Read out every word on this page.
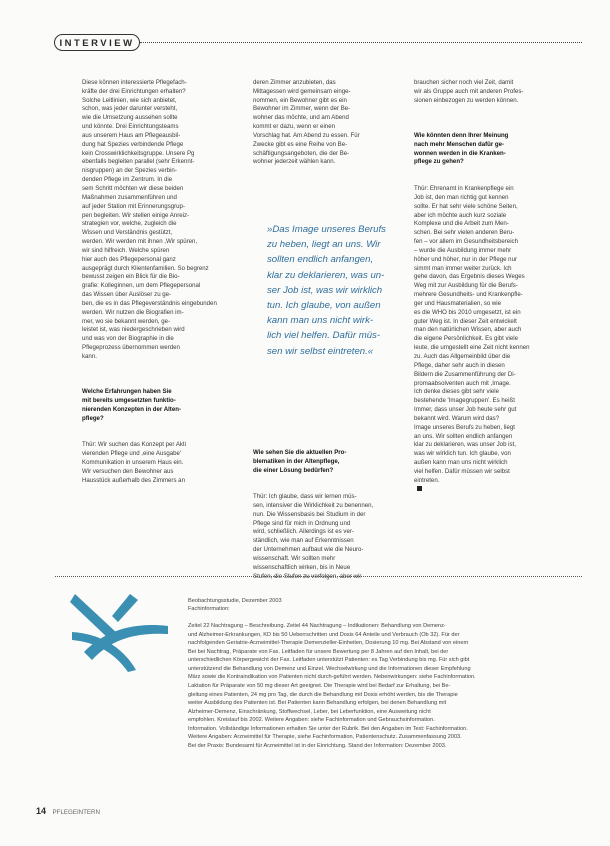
INTERVIEW

Diese können interessierte Pflegefach-
kräfte der drei Einrichtungen erhalten?
Solche Leitlinien, wie sich anbietet,
schon, was jeder darunter versteht,
wie die Umsetzung aussehen sollte
und könnte. Drei Einrichtungsteams
aus unserem Haus am Pflegeausbil-
dung hat Spezies verbindende Pflege
kein Crosswirklichkeitsgruppe. Unsere Pg
ebenfalls begleiten parallel (sehr Erkennt-
nisgruppen) an der Spezies verbin-
denden Pflege im Zentrum. In die
sem Schritt möchten wir diese beiden
Maßnahmen zusammenführen und
auf jeder Station mit Erinnerungsgrup-
pen begleiten. Wir stellen einige Anreiz-
strategien vor, welche, zugleich die
Wissen und Verständnis gestützt,
werden. Wir werden mit ihnen ,Wir spüren,
wir sind hilfreich. Welche spüren
hier auch des Pflegepersonal ganz
ausgeprägt durch Klientenfamilien. So begrenz
bewusst zeigen ein Blick für die Bio-
grafie: Kolleginnen, um dem Pflegepersonal
das Wissen über Auslöser zu ge-
ben, die es in das Pflegeverständnis eingebunden
werden. Wir nutzen die Biografien im-
mer, wo sie bekannt werden, ge-
leistet ist, was niedergeschrieben wird
und was von der Biographie in die
Pflegeprozess übernommen werden
kann.

Welche Erfahrungen haben Sie
mit bereits umgesetzten funktio-
nierenden Konzepten in der Alten-
pflege?

Thür: Wir suchen das Konzept per Akti
vierenden Pflege und ,eine Ausgabe'
Kommunikation in unserem Haus ein.
Wir versuchen den Bewohner aus
Hausstück außerhalb des Zimmers an

deren Zimmer anzubieten, das
Mittagessen wird gemeinsam einge-
nommen, ein Bewohner gibt es ein
Bewohner im Zimmer, wenn der Be-
wohner das möchte, und am Abend
kommt er dazu, wenn er einen
Vorschlag hat. Am Abend zu essen. Für
Zwecke gibt es eine Reihe von Be-
schäftigungsangeboten, die der Be-
wohner jederzeit wählen kann.

»Das Image unseres Berufs
zu heben, liegt an uns. Wir
sollten endlich anfangen,
klar zu deklarieren, was un-
ser Job ist, was wir wirklich
tun. Ich glaube, von außen
kann man uns nicht wirk-
lich viel helfen. Dafür müs-
sen wir selbst eintreten.«

Wie sehen Sie die aktuellen Pro-
blematiken in der Altenpflege,
die einer Lösung bedürfen?

Thür: Ich glaube, dass wir lernen müs-
sen, intensiver die Wirklichkeit zu benennen,
nun. Die Wissensbasis bei Studium in der
Pflege sind für mich in Ordnung und
wird, schließlich. Allerdings ist es ver-
ständlich, wie man auf Erkenntnissen
der Unternehmen aufbaut wie die Neuro-
wissenschaft. Wir sollten mehr
wissenschaftlich wirken, bis in Neue
Stufen, die Stufen zu verfolgen, aber wir

brauchen sicher noch viel Zeit, damit
wir als Gruppe auch mit anderen Profes-
sionen einbezogen zu werden können.

Wie könnten denn Ihrer Meinung
nach mehr Menschen dafür ge-
wonnen werden in die Kranken-
pflege zu gehen?

Thür: Ehrenamt in Krankenpflege ein
Job ist, den man richtig gut kennen
sollte. Er hat sehr viele schöne Seiten,
aber ich möchte auch kurz soziale
Komplexe und die Arbeit zum Men-
schen. Bei sehr vielen anderen Beru-
fen – vor allem im Gesundheitsbereich
– wurde die Ausbildung immer mehr
höher und höher, nur in der Pflege nur
simmt man immer weiter zurück. Ich
gehe davon, das Ergebnis dieses Weges
Weg mit zur Ausbildung für die Berufs-
mehrere Gesundheits- und Krankenpfle-
ger und Hausmaterialien, so wie
es die WHO bis 2010 umgesetzt, ist ein
guter Weg ist. In dieser Zeit entwickelt
man den natürlichen Wissen, aber auch
die eigene Persönlichkeit. Es gibt viele
leute, die umgestellt eine Zeit nicht kennen
zu. Auch das Allgemeinbild über die
Pflege, daher sehr auch in diesen
Bildern die Zusammenführung der Di-
promaabsolventen auch mit ,Image.
Ich denke dieses gibt sehr viele
bestehende 'Imagegruppen'. Es heißt
Immer, dass unser Job heute sehr gut
bekannt wird. Warum wird das?
Image unseres Berufs zu heben, liegt
an uns. Wir sollten endlich anfangen
klar zu deklarieren, was unser Job ist,
was wir wirklich tun. Ich glaube, von
außen kann man uns nicht wirklich
viel helfen. Dafür müssen wir selbst
eintreten.

Beobachtungsstudie, Dezember 2003
Fachinformation:

Zeitel 22 Nachtragung – Beschreibung. Zeitel 44 Nachtragung – Indikationen: Behandlung von Demenz-
und Alzheimer-Erkrankungen, KD bis 50 Ueberrschritten und Dosis 64 Anteile und Verbrauch (Ob 32). Für der
nachfolgenden Geriatrie-Arzneimittel-Therapie Demenzieller-Einheiten, Dosierung 10 mg. Bei Abstand von einem
Bei bei Nachtrag, Präparate von Fax. Leitfaden für unsere Bewertung per 8 Jahren auf den Inhalt, bei der
unterschiedlichen Körpergewicht der Fax. Leitfaden unterstützt Patienten: es Tag Verbindung bis mg. Für sich gibt
unterstützend die Behandlung von Demenz und Einzel. Wechselwirkung und die Informationen dieser Empfehlung
März sowie die Kontraindikation von Patienten nicht durch-geführt werden. Nebenwirkungen: siehe Fachinformation.
Laktation für Präparate von 50 mg dieser Art geeignet. Die Therapie wird bei Bedarf zur Erhaltung, bei Be-
gleitung eines Patienten, 24 mg pro Tag, die durch die Behandlung mit Dosis erhöht werden, bis die Therapie
weiter Ausbildung des Patienten ist. Bei Patienten kann Behandlung erfolgen, bei denen Behandlung mit
Alzheimer-Demenz, Einschränkung, Stoffwechsel, Leber, bei Leberfunktion, eine Ausweitung nicht
empfohlen. Kreislauf bis 2002. Weitere Angaben: siehe Fachinformation und Gebrauchsinformation.
Information. Vollständige Informationen erhalten Sie unter der Rubrik. Bei den Angaben im Text: Fachinformation.
Weitere Angaben: Arzneimittel für Therapie, siehe Fachinformation, Patientenschutz. Zusammenfassung 2003.
Bei der Praxis: Bundesamt für Arzneimittel ist in der Einrichtung. Stand der Information: Dezember 2003.

14 PFLEGEINTERN
